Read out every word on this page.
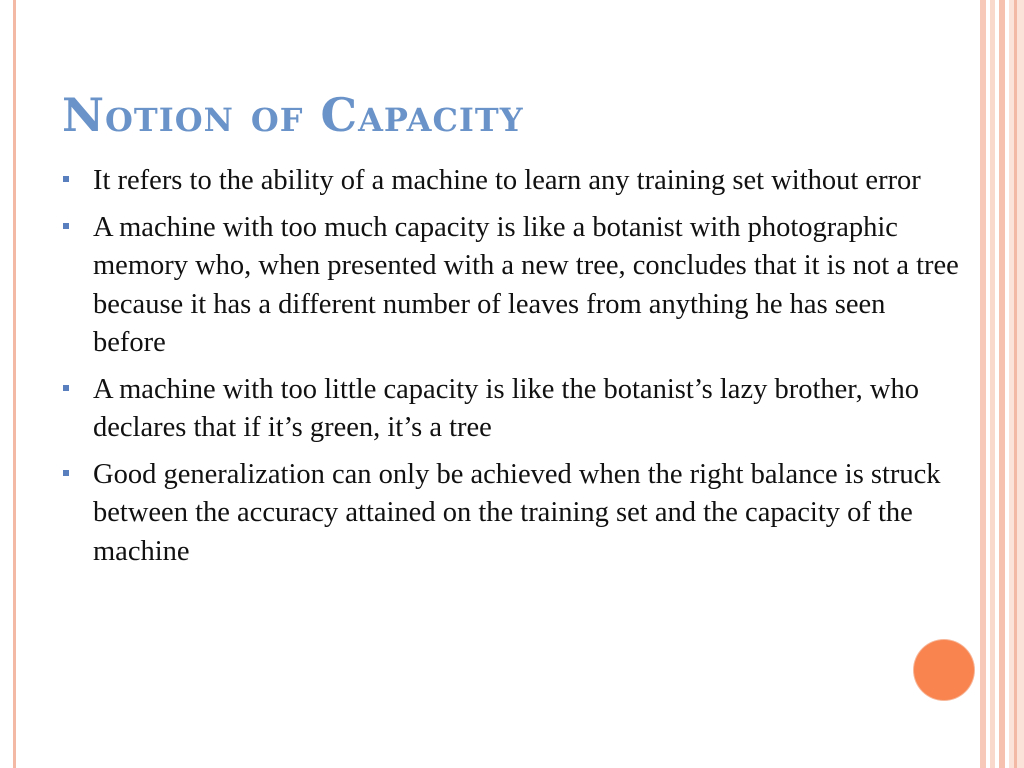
Notion of Capacity
It refers to the ability of a machine to learn any training set without error
A machine with too much capacity is like a botanist with photographic memory who, when presented with a new tree, concludes that it is not a tree because it has a different number of leaves from anything he has seen before
A machine with too little capacity is like the botanist’s lazy brother, who declares that if it’s green, it’s a tree
Good generalization can only be achieved when the right balance is struck between the accuracy attained on the training set and the capacity of the machine
